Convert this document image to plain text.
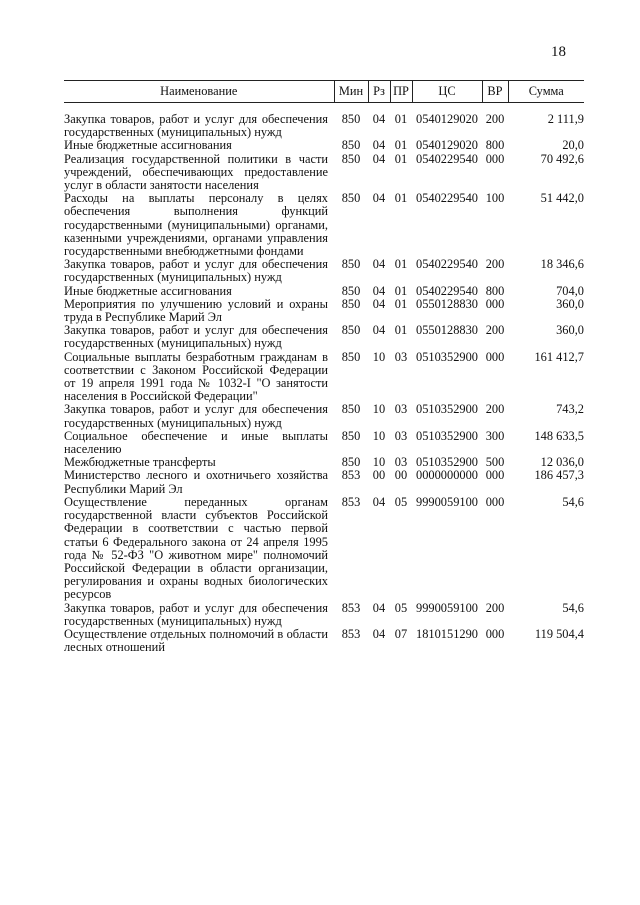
18
Наименование	Мин	Рз	ПР	ЦС	ВР	Сумма
Закупка товаров, работ и услуг для обеспечения государственных (муниципальных) нужд	850	04	01	0540129020	200	2 111,9
Иные бюджетные ассигнования	850	04	01	0540129020	800	20,0
Реализация государственной политики в части учреждений, обеспечивающих предоставление услуг в области занятости населения	850	04	01	0540229540	000	70 492,6
Расходы на выплаты персоналу в целях обеспечения выполнения функций государственными (муниципальными) органами, казенными учреждениями, органами управления государственными внебюджетными фондами	850	04	01	0540229540	100	51 442,0
Закупка товаров, работ и услуг для обеспечения государственных (муниципальных) нужд	850	04	01	0540229540	200	18 346,6
Иные бюджетные ассигнования	850	04	01	0540229540	800	704,0
Мероприятия по улучшению условий и охраны труда в Республике Марий Эл	850	04	01	0550128830	000	360,0
Закупка товаров, работ и услуг для обеспечения государственных (муниципальных) нужд	850	04	01	0550128830	200	360,0
Социальные выплаты безработным гражданам в соответствии с Законом Российской Федерации от 19 апреля 1991 года № 1032-I "О занятости населения в Российской Федерации"	850	10	03	0510352900	000	161 412,7
Закупка товаров, работ и услуг для обеспечения государственных (муниципальных) нужд	850	10	03	0510352900	200	743,2
Социальное обеспечение и иные выплаты населению	850	10	03	0510352900	300	148 633,5
Межбюджетные трансферты	850	10	03	0510352900	500	12 036,0
Министерство лесного и охотничьего хозяйства Республики Марий Эл	853	00	00	0000000000	000	186 457,3
Осуществление переданных органам государственной власти субъектов Российской Федерации в соответствии с частью первой статьи 6 Федерального закона от 24 апреля 1995 года № 52-ФЗ "О животном мире" полномочий Российской Федерации в области организации, регулирования и охраны водных биологических ресурсов	853	04	05	9990059100	000	54,6
Закупка товаров, работ и услуг для обеспечения государственных (муниципальных) нужд	853	04	05	9990059100	200	54,6
Осуществление отдельных полномочий в области лесных отношений	853	04	07	1810151290	000	119 504,4
